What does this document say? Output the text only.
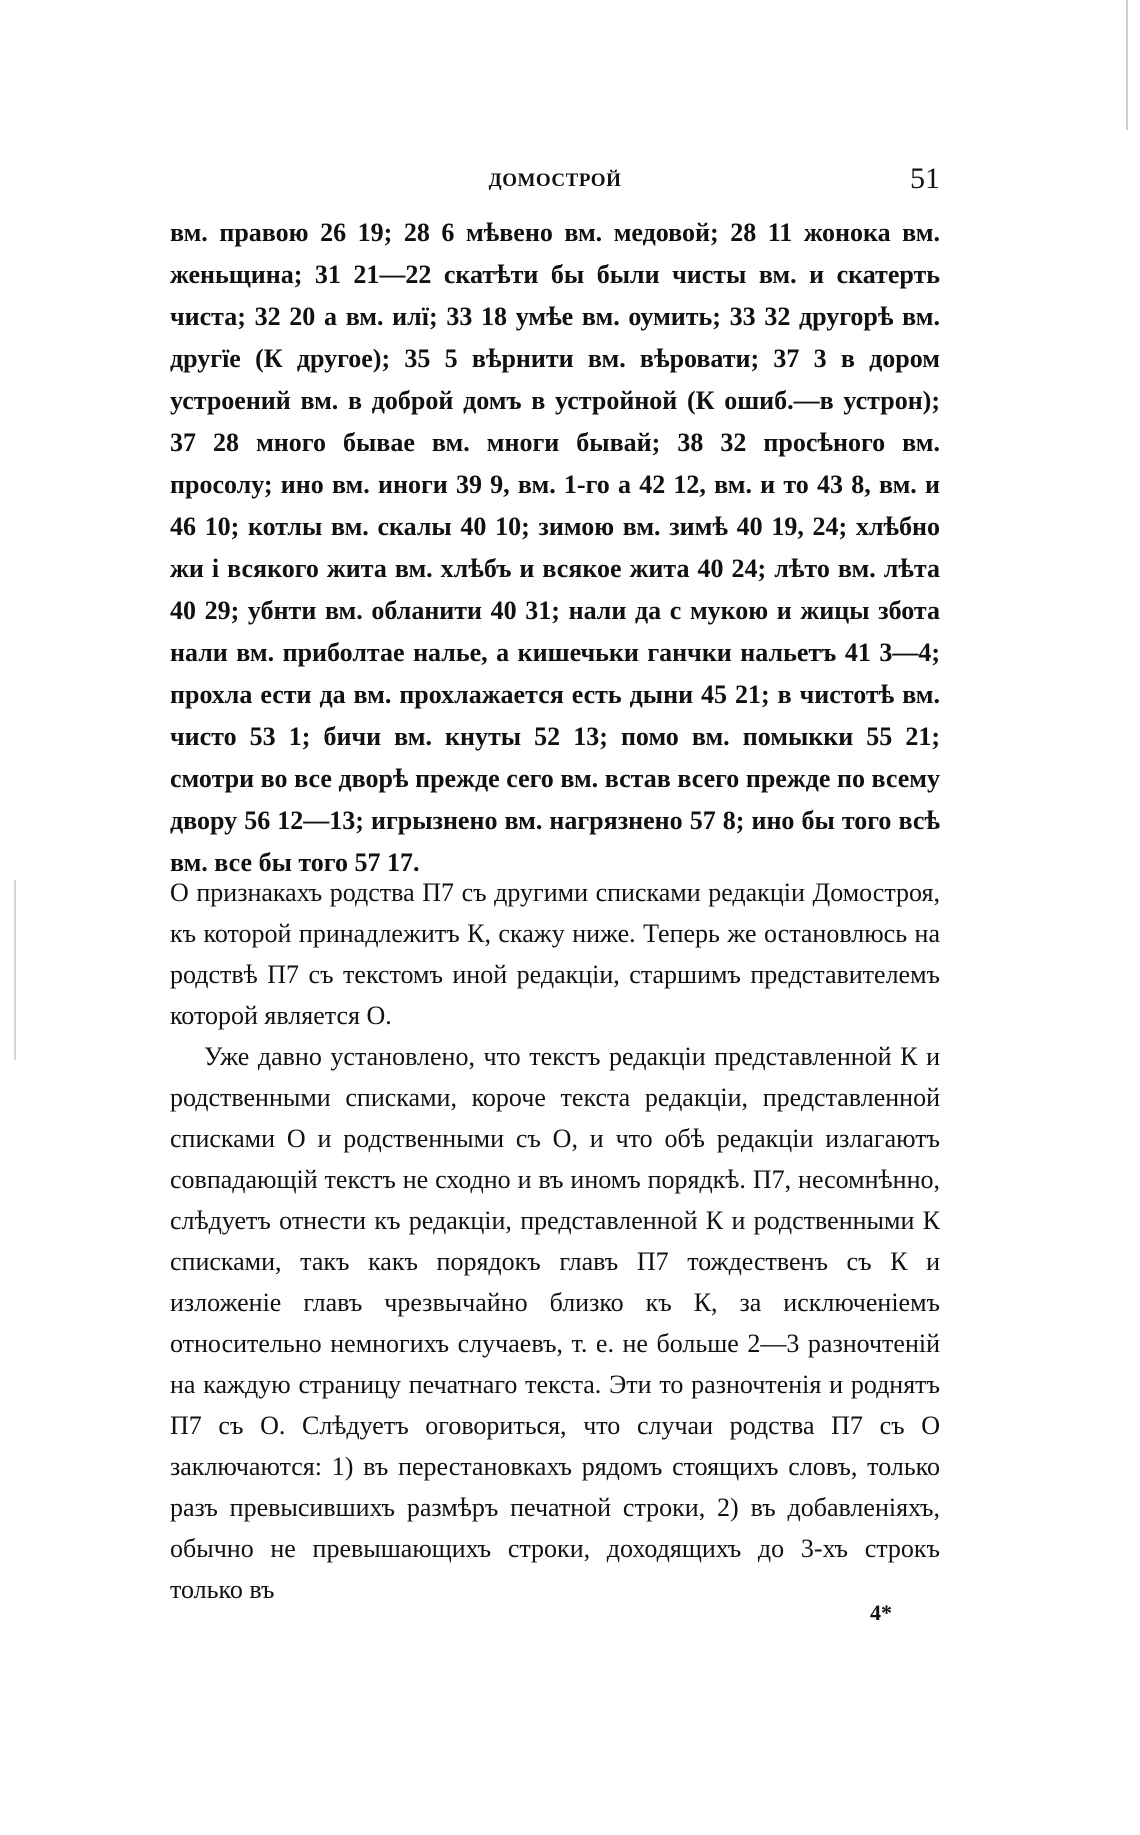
ДОМОСТРОЙ	51

вм. правою 26 19; 28 6 мѣвено вм. медовой; 28 11 жонока вм. женьщина; 31 21—22 скатѣти бы были чисты вм. и скатерть чиста; 32 20 а вм. илї; 33 18 умѣе вм. оумить; 33 32 другорѣ вм. другїе (К другое); 35 5 вѣрнити вм. вѣровати; 37 3 в дором устроений вм. в доброй домъ в устройной (К ошиб.—в устрон); 37 28 много бывае вм. многи бывай; 38 32 просѣного вм. просолу; ино вм. иноги 39 9, вм. 1-го а 42 12, вм. и то 43 8, вм. и 46 10; котлы вм. скалы 40 10; зимою вм. зимѣ 40 19, 24; хлѣбно жи і всякого жита вм. хлѣбъ и всякое жита 40 24; лѣто вм. лѣта 40 29; убнти вм. обланити 40 31; нали да с мукою и жицы збота нали вм. приболтае налье, а кишечьки ганчки нальетъ 41 3—4; прохла ести да вм. прохлажается есть дыни 45 21; в чистотѣ вм. чисто 53 1; бичи вм. кнуты 52 13; помо вм. помыкки 55 21; смотри во все дворѣ прежде сего вм. встав всего прежде по всему двору 56 12—13; игрызнено вм. нагрязнено 57 8; ино бы того всѣ вм. все бы того 57 17.

О признакахъ родства П7 съ другими списками редакціи Домостроя, къ которой принадлежитъ К, скажу ниже. Теперь же остановлюсь на родствѣ П7 съ текстомъ иной редакціи, старшимъ представителемъ которой является О.

Уже давно установлено, что текстъ редакціи представленной К и родственными списками, короче текста редакціи, представленной списками О и родственными съ О, и что обѣ редакціи излагаютъ совпадающій текстъ не сходно и въ иномъ порядкѣ. П7, несомнѣнно, слѣдуетъ отнести къ редакціи, представленной К и родственными К списками, такъ какъ порядокъ главъ П7 тождественъ съ К и изложеніе главъ чрезвычайно близко къ К, за исключеніемъ относительно немногихъ случаевъ, т. е. не больше 2—3 разночтеній на каждую страницу печатнаго текста. Эти то разночтенія и роднятъ П7 съ О. Слѣдуетъ оговориться, что случаи родства П7 съ О заключаются: 1) въ перестановкахъ рядомъ стоящихъ словъ, только разъ превысившихъ размѣръ печатной строки, 2) въ добавленіяхъ, обычно не превышающихъ строки, доходящихъ до 3-хъ строкъ только въ

4*
